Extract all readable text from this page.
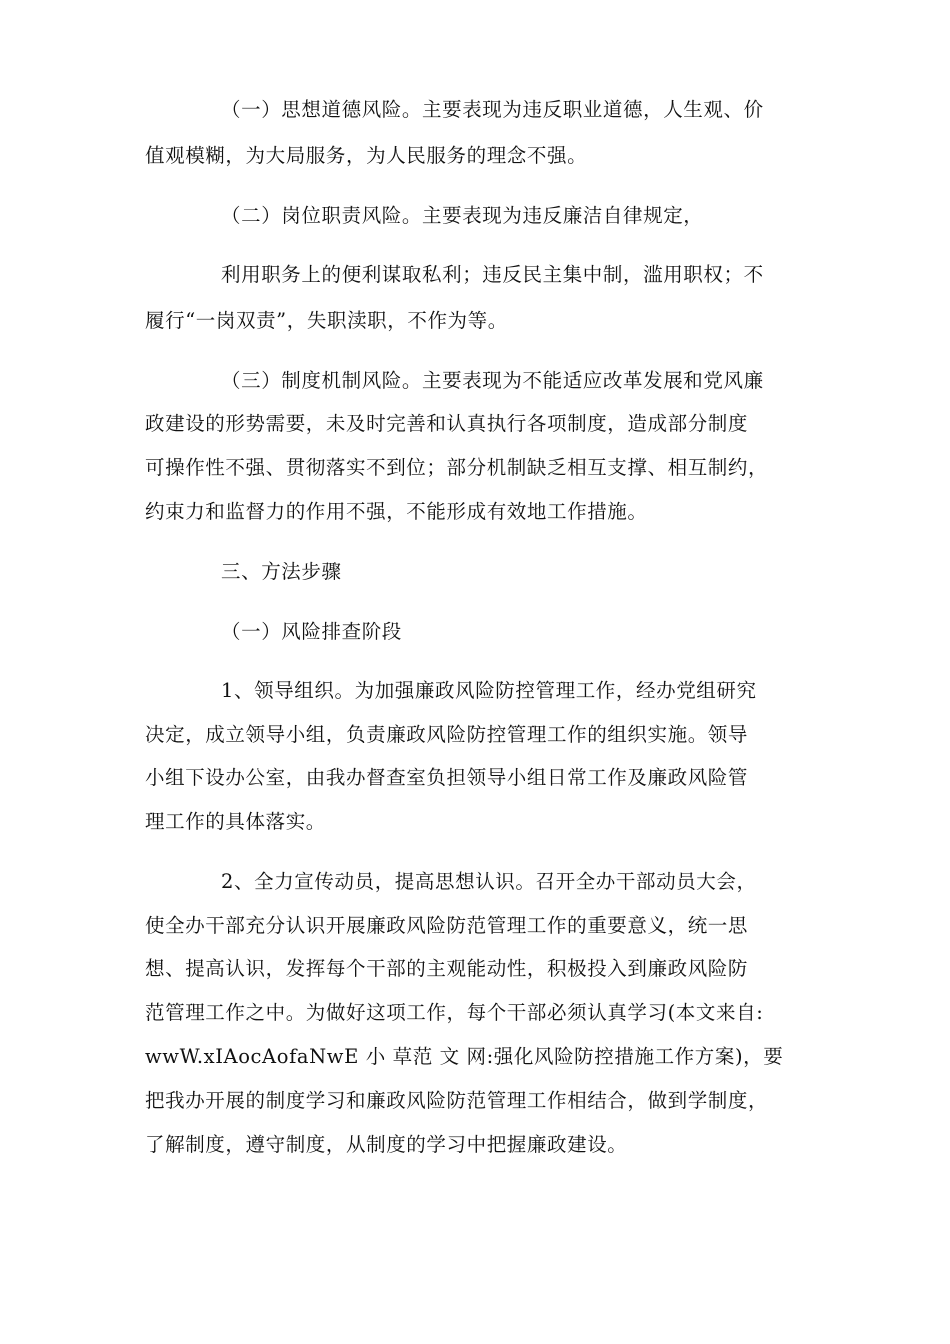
（一）思想道德风险。主要表现为违反职业道德，人生观、价
值观模糊，为大局服务，为人民服务的理念不强。
（二）岗位职责风险。主要表现为违反廉洁自律规定，
利用职务上的便利谋取私利；违反民主集中制，滥用职权；不
履行“一岗双责”，失职渎职，不作为等。
（三）制度机制风险。主要表现为不能适应改革发展和党风廉
政建设的形势需要，未及时完善和认真执行各项制度，造成部分制度
可操作性不强、贯彻落实不到位；部分机制缺乏相互支撑、相互制约，
约束力和监督力的作用不强，不能形成有效地工作措施。
三、方法步骤
（一）风险排查阶段
1、领导组织。为加强廉政风险防控管理工作，经办党组研究
决定，成立领导小组，负责廉政风险防控管理工作的组织实施。领导
小组下设办公室，由我办督查室负担领导小组日常工作及廉政风险管
理工作的具体落实。
2、全力宣传动员，提高思想认识。召开全办干部动员大会，
使全办干部充分认识开展廉政风险防范管理工作的重要意义，统一思
想、提高认识，发挥每个干部的主观能动性，积极投入到廉政风险防
范管理工作之中。为做好这项工作，每个干部必须认真学习(本文来自:
wwW.xIAocAofaNwE 小 草范 文 网:强化风险防控措施工作方案)，要
把我办开展的制度学习和廉政风险防范管理工作相结合，做到学制度，
了解制度，遵守制度，从制度的学习中把握廉政建设。
